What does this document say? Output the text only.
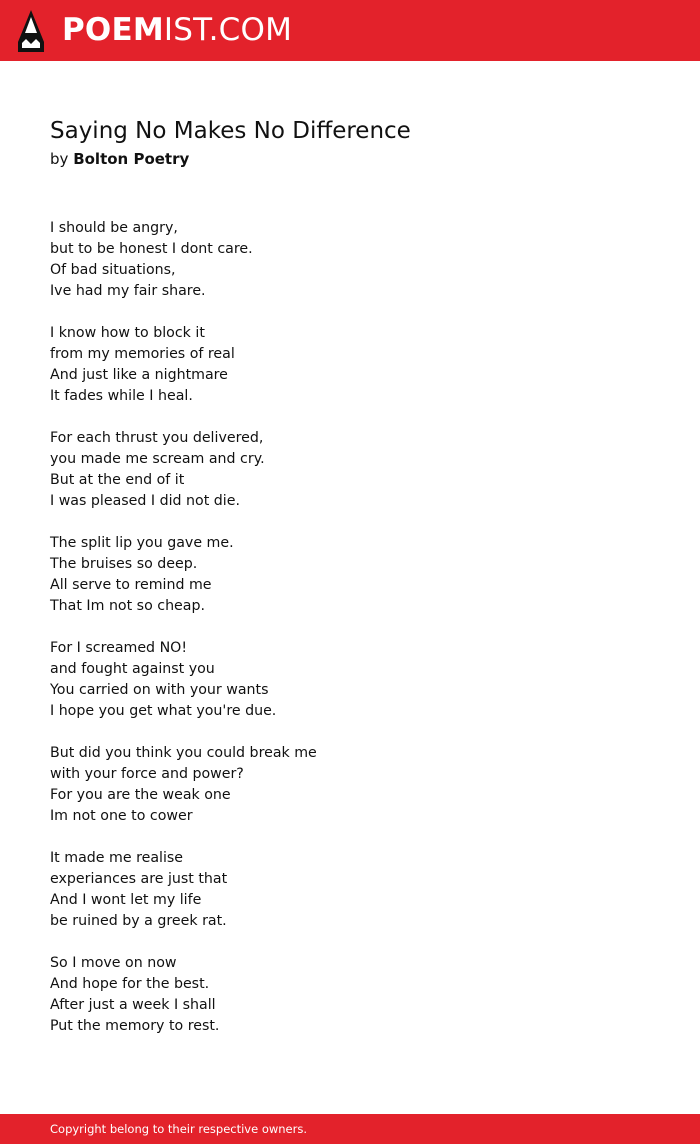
POEMIST.COM
Saying No Makes No Difference
by Bolton Poetry
I should be angry,
but to be honest I dont care.
Of bad situations,
Ive had my fair share.
I know how to block it
from my memories of real
And just like a nightmare
It fades while I heal.
For each thrust you delivered,
you made me scream and cry.
But at the end of it
I was pleased I did not die.
The split lip you gave me.
The bruises so deep.
All serve to remind me
That Im not so cheap.
For I screamed NO!
and fought against you
You carried on with your wants
I hope you get what you're due.
But did you think you could break me
with your force and power?
For you are the weak one
Im not one to cower
It made me realise
experiances are just that
And I wont let my life
be ruined by a greek rat.
So I move on now
And hope for the best.
After just a week I shall
Put the memory to rest.
Copyright belong to their respective owners.
